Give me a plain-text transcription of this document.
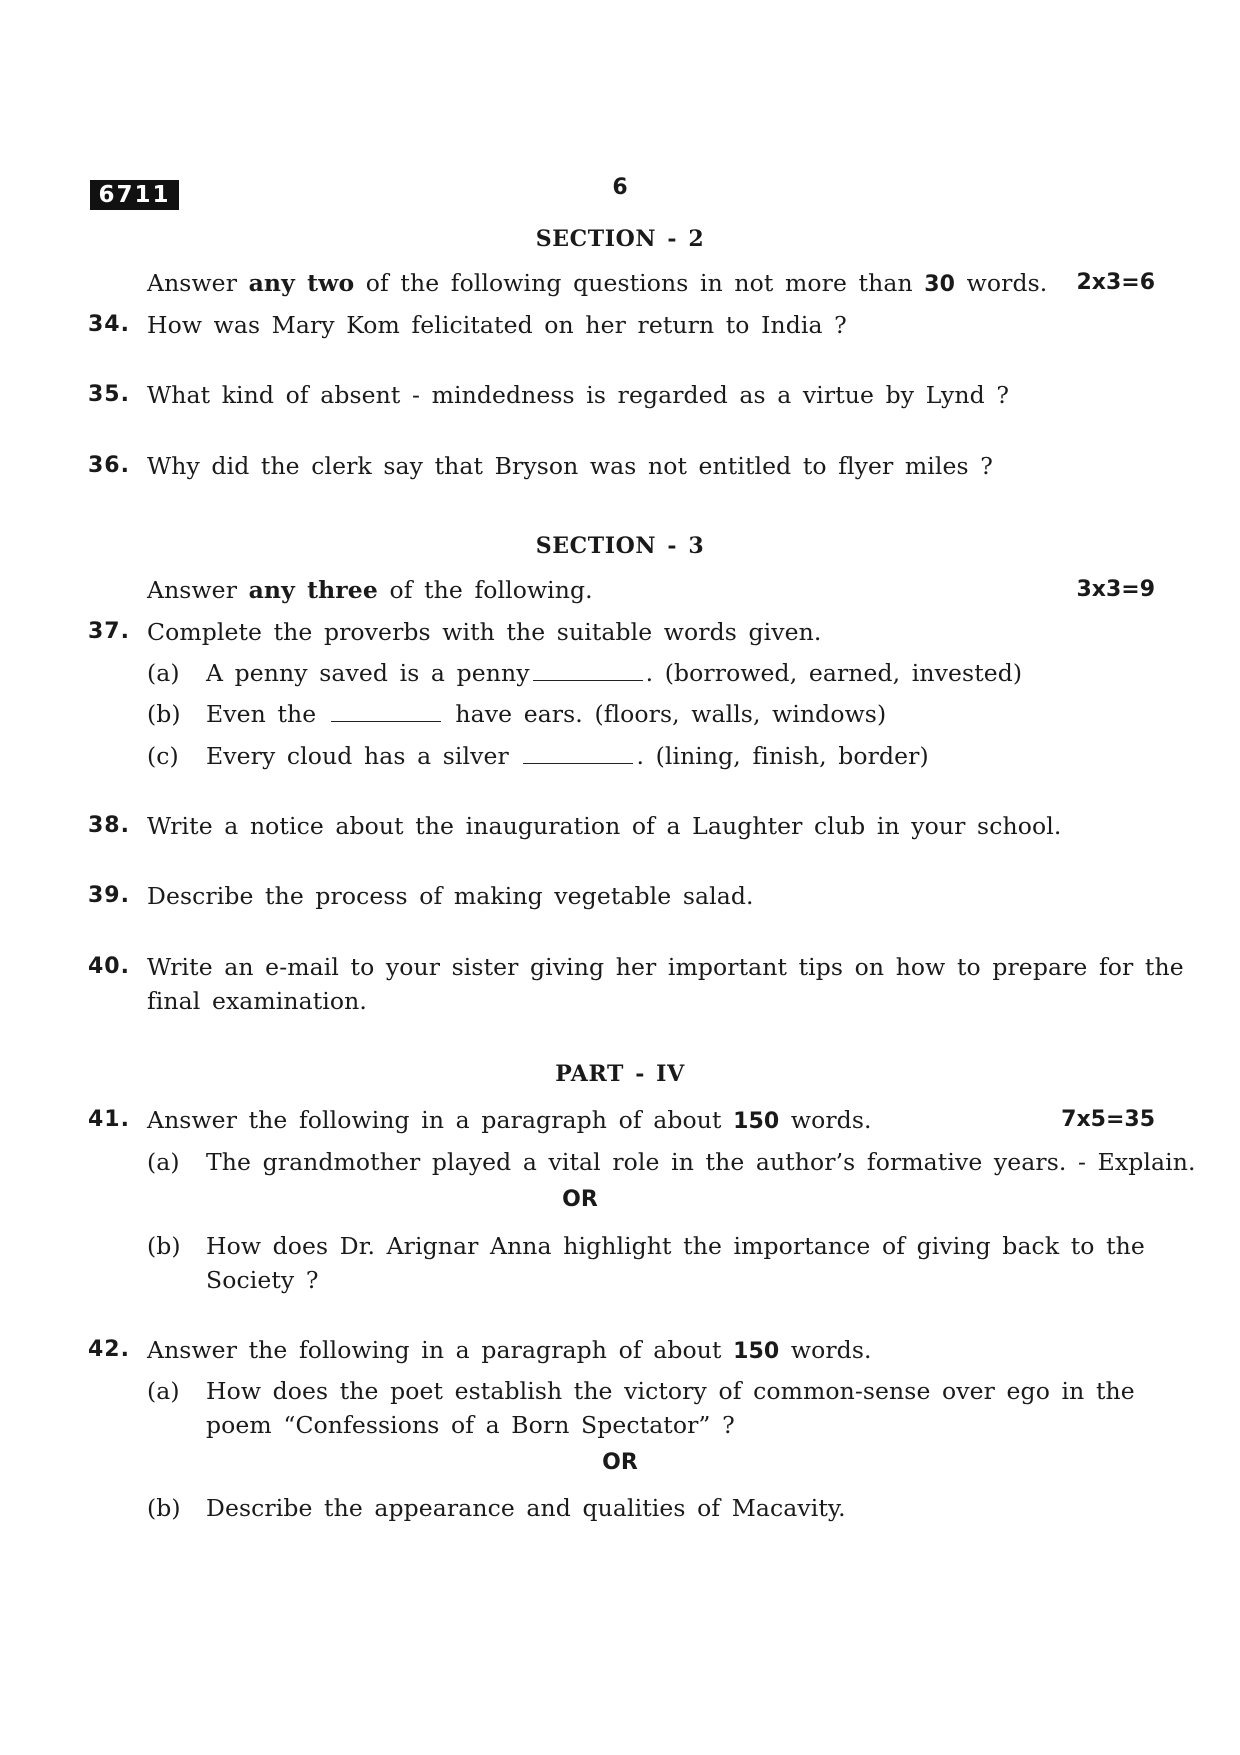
6711	6
SECTION - 2
Answer any two of the following questions in not more than 30 words. 2x3=6
34. How was Mary Kom felicitated on her return to India ?
35. What kind of absent - mindedness is regarded as a virtue by Lynd ?
36. Why did the clerk say that Bryson was not entitled to flyer miles ?
SECTION - 3
Answer any three of the following.	3x3=9
37. Complete the proverbs with the suitable words given.
(a) A penny saved is a penny	. (borrowed, earned, invested)
(b) Even the	have ears. (floors, walls, windows)
(c) Every cloud has a silver	. (lining, finish, border)
38. Write a notice about the inauguration of a Laughter club in your school.
39. Describe the process of making vegetable salad.
40. Write an e-mail to your sister giving her important tips on how to prepare for the
final examination.
PART - IV
41. Answer the following in a paragraph of about 150 words.	7x5=35
(a) The grandmother played a vital role in the author’s formative years. - Explain.
OR
(b) How does Dr. Arignar Anna highlight the importance of giving back to the
Society ?
42. Answer the following in a paragraph of about 150 words.
(a) How does the poet establish the victory of common-sense over ego in the
poem “Confessions of a Born Spectator” ?
OR
(b) Describe the appearance and qualities of Macavity.
